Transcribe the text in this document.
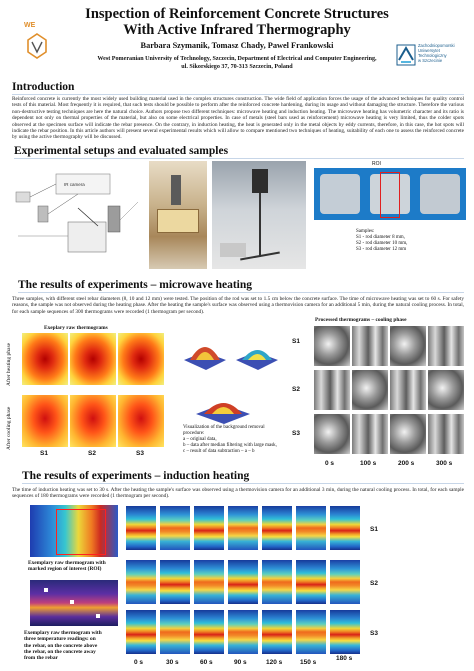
WE
Inspection of Reinforcement Concrete Structures
With Active Infrared Thermography
Barbara Szymanik, Tomasz Chady, Pawel Frankowski
West Pomeranian University of Technology, Szczecin, Department of Electrical and Computer Engineering,
ul. Sikorskiego 37, 70-313 Szczecin, Poland
Zachodniopomorski
Uniwersytet
Technologiczny
w Szczecinie
Introduction
Reinforced concrete is currently the most widely used building material used in the complex structures construction. The wide field of application forces the usage of the advanced techniques for quality control tests of this material. Most frequently it is required, that such tests should be possible to perform after the reinforced concrete hardening, during its usage and without damaging the structure. Therefore the various non-destructive testing techniques are here the natural choice. Authors propose two different techniques: microwave heating and induction heating. The microwave heating has volumetric character and its ratio is dependent not only on thermal properties of the material, but also on some electrical properties. In case of metals (steel bars used as reinforcement) microwave heating is very limited, thus the colder spots observed at the specimen surface will indicate the rebar presence. On the contrary, in induction heating, the heat is generated only in the metal objects by eddy currents, therefore, in this case, the hot spots will indicate the rebar position. In this article authors will present several experimental results which will allow to compare mentioned two techniques of heating, suitability of each one to assess the reinforced concrete by using the active thermography will be discussed.
Experimental setups and evaluated samples
IR camera
ROI
Samples:
S1 - rod diameter 8 mm,
S2 - rod diameter 10 mm,
S3 - rod diameter 12 mm
The results of experiments – microwave heating
Three samples, with different steel rebar diameters (8, 10 and 12 mm) were tested. The position of the rod was set to 1.5 cm below the concrete surface. The time of microwave heating was set to 60 s. For safety reasons, the sample was not observed during the heating phase. After the heating the sample's surface was observed using a thermovision camera for an additional 5 min, during the natural cooling process. In total, for each sample sequences of 300 thermograms were recorded (1 thermogram per second).
Exeplary raw thermograms
Processed thermograms – cooling phase
After heating phase
After cooling phase
S1	S2	S3
Visualization of the background removal
procedure:
a – original data,
b – data after median filtering with large mask,
c – result of data subtraction – a – b
S1
S2
S3
0 s	100 s	200 s	300 s
The results of experiments – induction heating
The time of induction heating was set to 30 s. After the heating the sample's surface was observed using a thermovision camera for an additional 3 min, during the natural cooling process. In total, for each sample sequences of 180 thermograms were recorded (1 thermogram per second).
Exemplary raw thermogram with
marked region of interest (ROI)
Exemplary raw thermogram with
three temperature readings: on
the rebar, on the concrete above
the rebar, on the concrete away
from the rebar
S1
S2
S3
0 s	30 s	60 s	90 s	120 s	150 s
180 s
